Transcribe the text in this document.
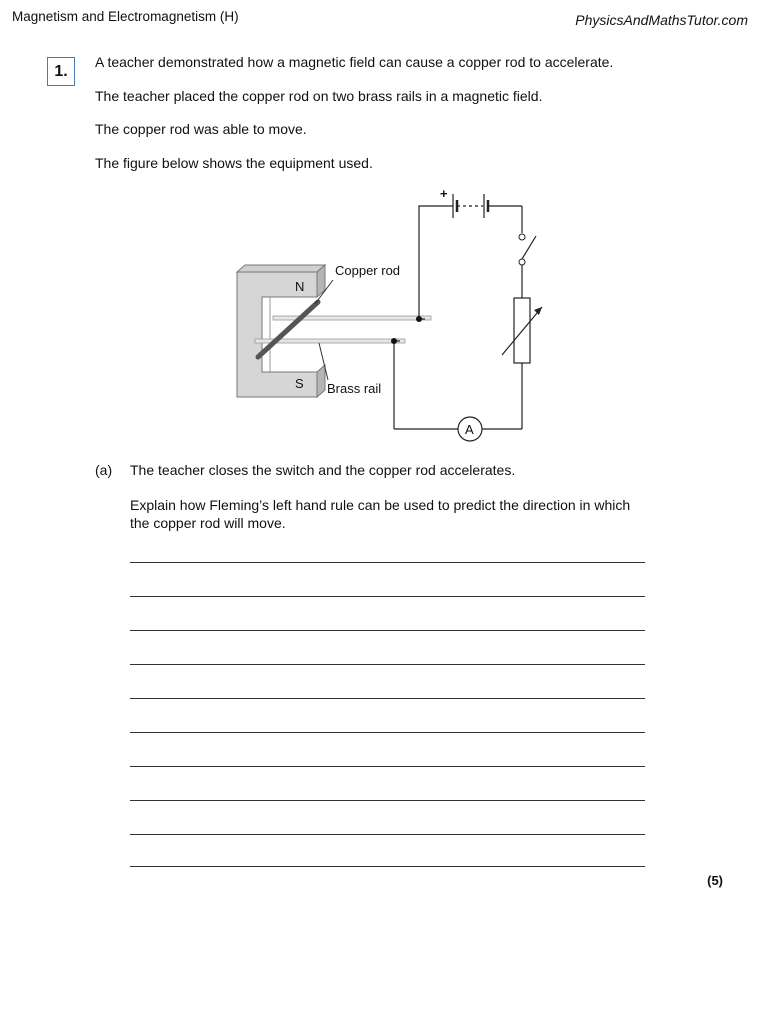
Magnetism and Electromagnetism (H)	PhysicsAndMathsTutor.com
1.
A teacher demonstrated how a magnetic field can cause a copper rod to accelerate.
The teacher placed the copper rod on two brass rails in a magnetic field.
The copper rod was able to move.
The figure below shows the equipment used.
N
S
Copper rod
Brass rail
+
A
(a) The teacher closes the switch and the copper rod accelerates.
Explain how Fleming’s left hand rule can be used to predict the direction in which the copper rod will move.
(5)
